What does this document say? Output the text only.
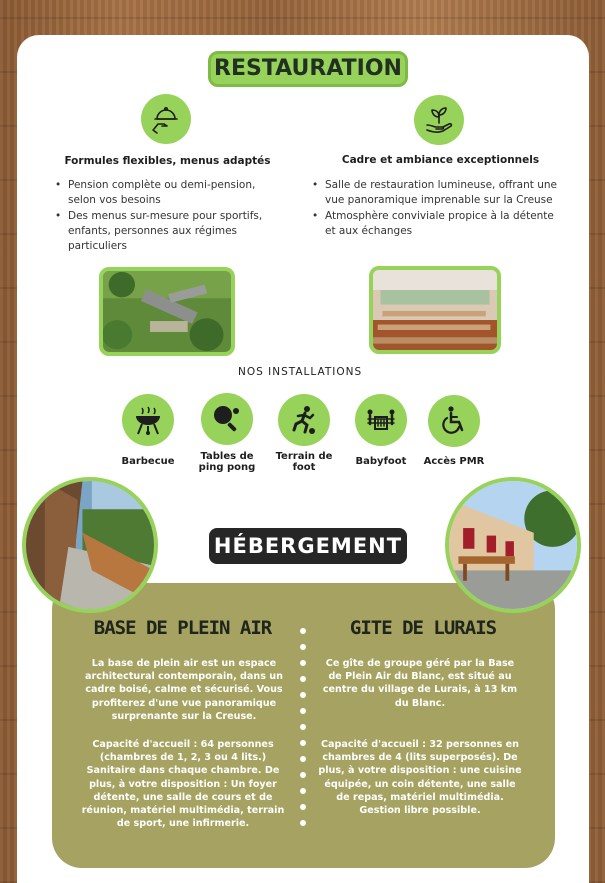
RESTAURATION
Formules flexibles, menus adaptés	Cadre et ambiance exceptionnels
• Pension complète ou demi-pension, selon vos besoins
• Des menus sur-mesure pour sportifs, enfants, personnes aux régimes particuliers
• Salle de restauration lumineuse, offrant une vue panoramique imprenable sur la Creuse
• Atmosphère conviviale propice à la détente et aux échanges
NOS INSTALLATIONS
Barbecue	Tables de ping pong
Terrain de foot
Babyfoot	Accès PMR
HÉBERGEMENT
BASE DE PLEIN AIR	GITE DE LURAIS
La base de plein air est un espace architectural contemporain, dans un cadre boisé, calme et sécurisé. Vous profiterez d'une vue panoramique surprenante sur la Creuse.
Capacité d'accueil : 64 personnes (chambres de 1, 2, 3 ou 4 lits.) Sanitaire dans chaque chambre. De plus, à votre disposition : Un foyer détente, une salle de cours et de réunion, matériel multimédia, terrain de sport, une infirmerie.
Ce gîte de groupe géré par la Base de Plein Air du Blanc, est situé au centre du village de Lurais, à 13 km du Blanc.
Capacité d'accueil : 32 personnes en chambres de 4 (lits superposés). De plus, à votre disposition : une cuisine équipée, un coin détente, une salle de repas, matériel multimédia. Gestion libre possible.
